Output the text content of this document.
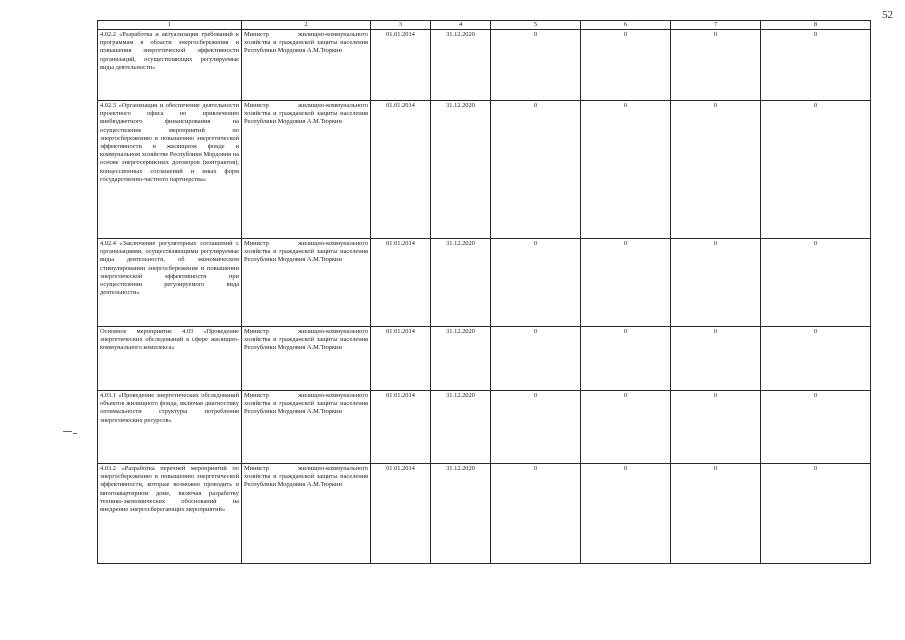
52
1	2	3	4	5	6	7	8
4.02.2 «Разработка и актуализация требований к программам в области энергосбережения и повышения энергетической эффективности организаций, осуществляющих регулируемые виды деятельности»	Министр жилищно-коммунального хозяйства и гражданской защиты населения Республики Мордовия А.М.Тюркин	01.01.2014	31.12.2020	0	0	0	0
4.02.3 «Организация и обеспечение деятельности проектного офиса по привлечению внебюджетного финансирования на осуществление мероприятий по энергосбережению и повышению энергетической эффективности в жилищном фонде и коммунальном хозяйстве Республики Мордовия на основе энергосервисных договоров (контрактов), концессионных соглашений и иных форм государственно-частного партнерства»	Министр жилищно-коммунального хозяйства и гражданской защиты населения Республики Мордовия А.М.Тюркин	01.01.2014	31.12.2020	0	0	0	0
4.02.4 «Заключение регуляторных соглашений с организациями, осуществляющими регулируемые виды деятельности, об экономическом стимулировании энергосбережения и повышении энергетической эффективности при осуществлении регулируемого вида деятельности»	Министр жилищно-коммунального хозяйства и гражданской защиты населения Республики Мордовия А.М.Тюркин	01.01.2014	31.12.2020	0	0	0	0
Основное мероприятие 4.03 «Проведение энергетических обследований в сфере жилищно-коммунального комплекса»	Министр жилищно-коммунального хозяйства и гражданской защиты населения Республики Мордовия А.М.Тюркин	01.01.2014	31.12.2020	0	0	0	0
4.03.1 «Проведение энергетических обследований объектов жилищного фонда, включая диагностику оптимальности структуры потребления энергетических ресурсов»	Министр жилищно-коммунального хозяйства и гражданской защиты населения Республики Мордовия А.М.Тюркин	01.01.2014	31.12.2020	0	0	0	0
4.03.2 «Разработка перечней мероприятий по энергосбережению и повышению энергетической эффективности, которые возможно проводить в многоквартирном доме, включая разработку технико-экономических обоснований на внедрение энергосберегающих мероприятий»	Министр жилищно-коммунального хозяйства и гражданской защиты населения Республики Мордовия А.М.Тюркин	01.01.2014	31.12.2020	0	0	0	0
